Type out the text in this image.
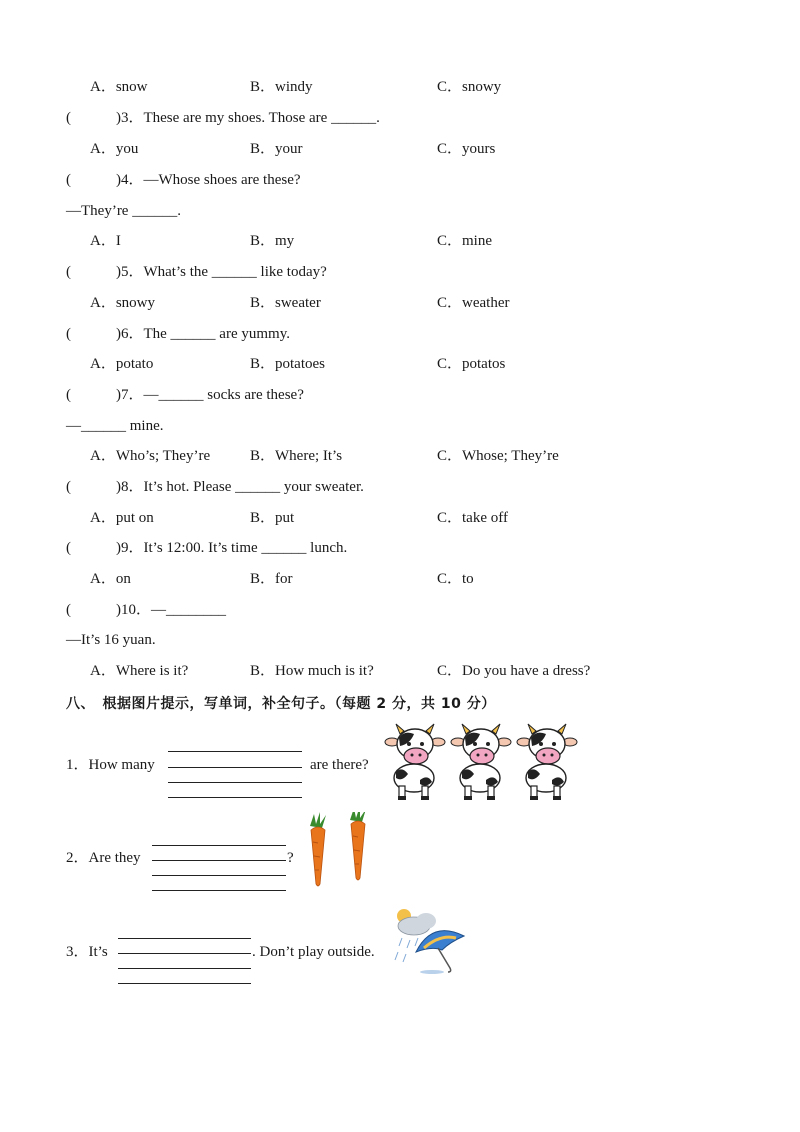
A．snow	B．windy	C．snowy
(　　　)3．These are my shoes. Those are ______.
A．you	B．your	C．yours
(　　　)4．—Whose shoes are these?
—They’re ______.
A．I	B．my	C．mine
(　　　)5．What’s the ______ like today?
A．snowy	B．sweater	C．weather
(　　　)6．The ______ are yummy.
A．potato	B．potatoes	C．potatos
(　　　)7．—______ socks are these?
—______ mine.
A．Who’s; They’re	B．Where; It’s	C．Whose; They’re
(　　　)8．It’s hot. Please ______ your sweater.
A．put on	B．put	C．take off
(　　　)9．It’s 12:00. It’s time ______ lunch.
A．on	B．for	C．to
(　　　)10．—________
—It’s 16 yuan.
A．Where is it?	B．How much is it?	C．Do you have a dress?
八、　根据图片提示，写单词，补全句子。（每题 2 分，共 10 分）
1．How many	are there?
2．Are they	?
3．It’s	. Don’t play outside.
